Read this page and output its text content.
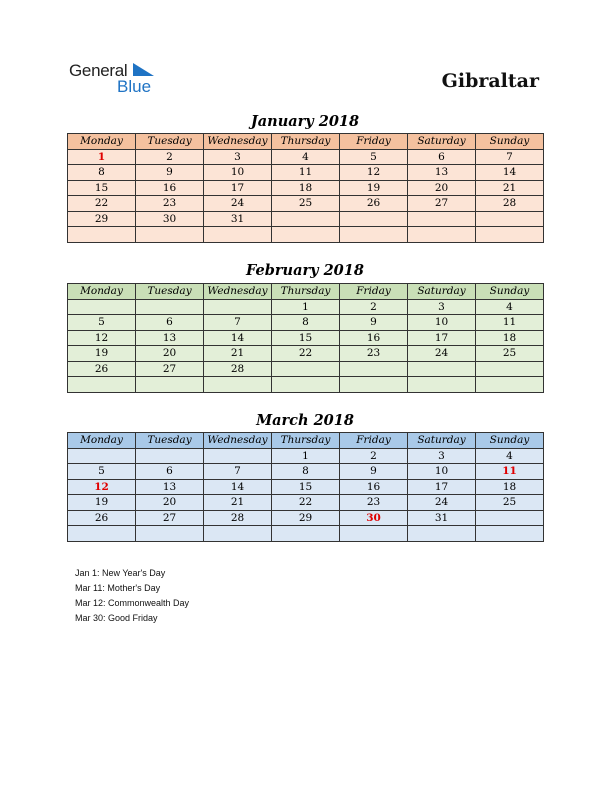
General
Blue	Gibraltar
January 2018
Monday	Tuesday	Wednesday	Thursday	Friday	Saturday	Sunday
1	2	3	4	5	6	7
8	9	10	11	12	13	14
15	16	17	18	19	20	21
22	23	24	25	26	27	28
29	30	31				

February 2018
Monday	Tuesday	Wednesday	Thursday	Friday	Saturday	Sunday
			1	2	3	4
5	6	7	8	9	10	11
12	13	14	15	16	17	18
19	20	21	22	23	24	25
26	27	28				

March 2018
Monday	Tuesday	Wednesday	Thursday	Friday	Saturday	Sunday
			1	2	3	4
5	6	7	8	9	10	11
12	13	14	15	16	17	18
19	20	21	22	23	24	25
26	27	28	29	30	31	

Jan 1: New Year's Day
Mar 11: Mother's Day
Mar 12: Commonwealth Day
Mar 30: Good Friday
